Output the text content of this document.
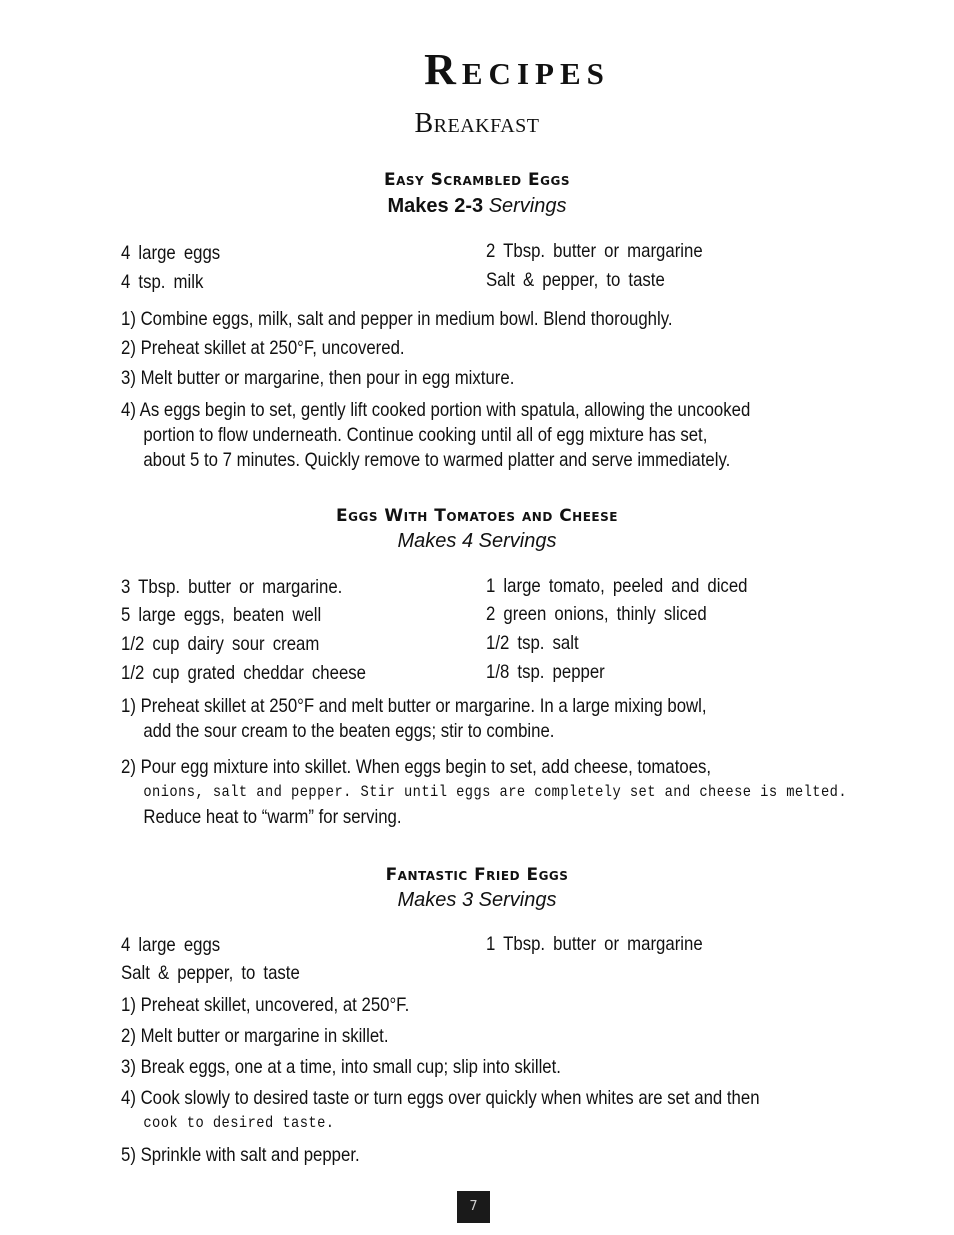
Recipes
Breakfast
Easy Scrambled Eggs
Makes 2-3 Servings
4 large eggs
4 tsp. milk
2 Tbsp. butter or margarine
Salt & pepper, to taste
1) Combine eggs, milk, salt and pepper in medium bowl. Blend thoroughly.
2) Preheat skillet at 250°F, uncovered.
3) Melt butter or margarine, then pour in egg mixture.
4) As eggs begin to set, gently lift cooked portion with spatula, allowing the uncooked
portion to flow underneath. Continue cooking until all of egg mixture has set,
about 5 to 7 minutes. Quickly remove to warmed platter and serve immediately.
Eggs With Tomatoes and Cheese
Makes 4 Servings
3 Tbsp. butter or margarine.
5 large eggs, beaten well
1/2 cup dairy sour cream
1/2 cup grated cheddar cheese
1 large tomato, peeled and diced
2 green onions, thinly sliced
1/2 tsp. salt
1/8 tsp. pepper
1) Preheat skillet at 250°F and melt butter or margarine. In a large mixing bowl,
add the sour cream to the beaten eggs; stir to combine.
2) Pour egg mixture into skillet. When eggs begin to set, add cheese, tomatoes,
onions, salt and pepper. Stir until eggs are completely set and cheese is melted.
Reduce heat to “warm” for serving.
Fantastic Fried Eggs
Makes 3 Servings
4 large eggs
Salt & pepper, to taste
1 Tbsp. butter or margarine
1) Preheat skillet, uncovered, at 250°F.
2) Melt butter or margarine in skillet.
3) Break eggs, one at a time, into small cup; slip into skillet.
4) Cook slowly to desired taste or turn eggs over quickly when whites are set and then
cook to desired taste.
5) Sprinkle with salt and pepper.
7
